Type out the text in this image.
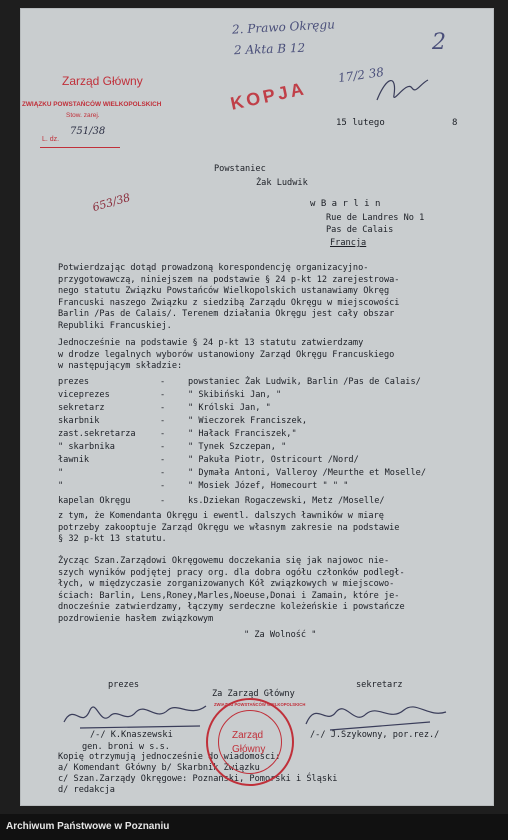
2. Prawo Okręgu
2 Akta B 12	2
17/2 38
Zarząd Główny
ZWIĄZKU POWSTAŃCÓW WIELKOPOLSKICH
Stow. zarej.
L. dz.
751/38
KOPJA
15 lutego	8
653/38
Powstaniec
Żak Ludwik
w B a r l i n
Rue de Landres No 1
Pas de Calais
Francja
Potwierdzając dotąd prowadzoną korespondencję organizacyjno-
przygotowawczą, niniejszem na podstawie § 24 p-kt 12 zarejestrowa-
nego statutu Związku Powstańców Wielkopolskich ustanawiamy Okręg
Francuski naszego Związku z siedzibą Zarządu Okręgu w miejscowości
Barlin /Pas de Calais/. Terenem działania Okręgu jest cały obszar
Republiki Francuskiej.
Jednocześnie na podstawie § 24 p-kt 13 statutu zatwierdzamy
w drodze legalnych wyborów ustanowiony Zarząd Okręgu Francuskiego
w następującym składzie:
prezes	-	powstaniec Żak Ludwik, Barlin /Pas de Calais/
viceprezes	-	" Skibiński Jan, "
sekretarz	-	" Królski Jan, "
skarbnik	-	" Wieczorek Franciszek,
zast.sekretarza	-	" Hałack Franciszek,"
" skarbnika	-	" Tynek Szczepan, "
ławnik	-	" Pakuła Piotr, Ostricourt /Nord/
"	-	" Dymała Antoni, Valleroy /Meurthe et Moselle/
"	-	" Mosiek Józef, Homecourt " " "
kapelan Okręgu	-	ks.Dziekan Rogaczewski, Metz /Moselle/
z tym, że Komendanta Okręgu i ewentl. dalszych ławników w miarę
potrzeby zakooptuje Zarząd Okręgu we własnym zakresie na podstawie
§ 32 p-kt 13 statutu.
Życząc Szan.Zarządowi Okręgowemu doczekania się jak najowoc nie-
szych wyników podjętej pracy org. dla dobra ogółu członków podległ-
łych, w międzyczasie zorganizowanych Kół związkowych w miejscowo-
ściach: Barlin, Lens,Roney,Marles,Noeuse,Donai i Zamain, które je-
dnocześnie zatwierdzamy, łączymy serdeczne koleżeńskie i powstańcze
pozdrowienie hasłem związkowym
" Za Wolność "
Za Zarząd Główny
prezes	sekretarz
/-/ K.Knaszewski
gen. broni w s.s.
/-/ J.Szykowny, por.rez./
Kopię otrzymują jednocześnie do wiadomości:
a/ Komendant Główny b/ Skarbnik Związku
c/ Szan.Zarządy Okręgowe: Poznański, Pomorski i Śląski
d/ redakcja
ZWIĄZKU POWSTAŃCÓW WIELKOPOLSKICH
Zarząd
Główny
Archiwum Państwowe w Poznaniu
